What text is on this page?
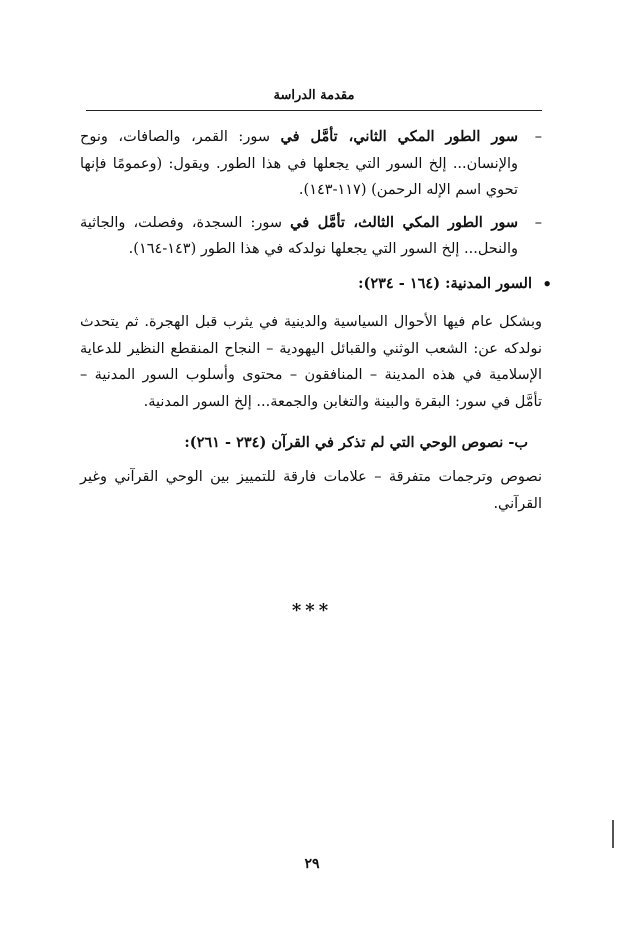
مقدمة الدراسة

–
سور الطور المكي الثاني، تأمَّل في سور: القمر، والصافات، ونوح والإنسان... إلخ السور التي يجعلها في هذا الطور. ويقول: (وعمومًا فإنها تحوي اسم الإله الرحمن) (١١٧-١٤٣).

–
سور الطور المكي الثالث، تأمَّل في سور: السجدة، وفصلت، والجاثية والنحل... إلخ السور التي يجعلها نولدكه في هذا الطور (١٤٣-١٦٤).

•
السور المدنية: (١٦٤ - ٢٣٤):

وبشكل عام فيها الأحوال السياسية والدينية في يثرب قبل الهجرة. ثم يتحدث نولدكه عن: الشعب الوثني والقبائل اليهودية – النجاح المنقطع النظير للدعاية الإسلامية في هذه المدينة – المنافقون – محتوى وأسلوب السور المدنية – تأمَّل في سور: البقرة والبينة والتغابن والجمعة... إلخ السور المدنية.

ب- نصوص الوحي التي لم تذكر في القرآن (٢٣٤ - ٢٦١):

نصوص وترجمات متفرقة – علامات فارقة للتمييز بين الوحي القرآني وغير القرآني.

***
٢٩
